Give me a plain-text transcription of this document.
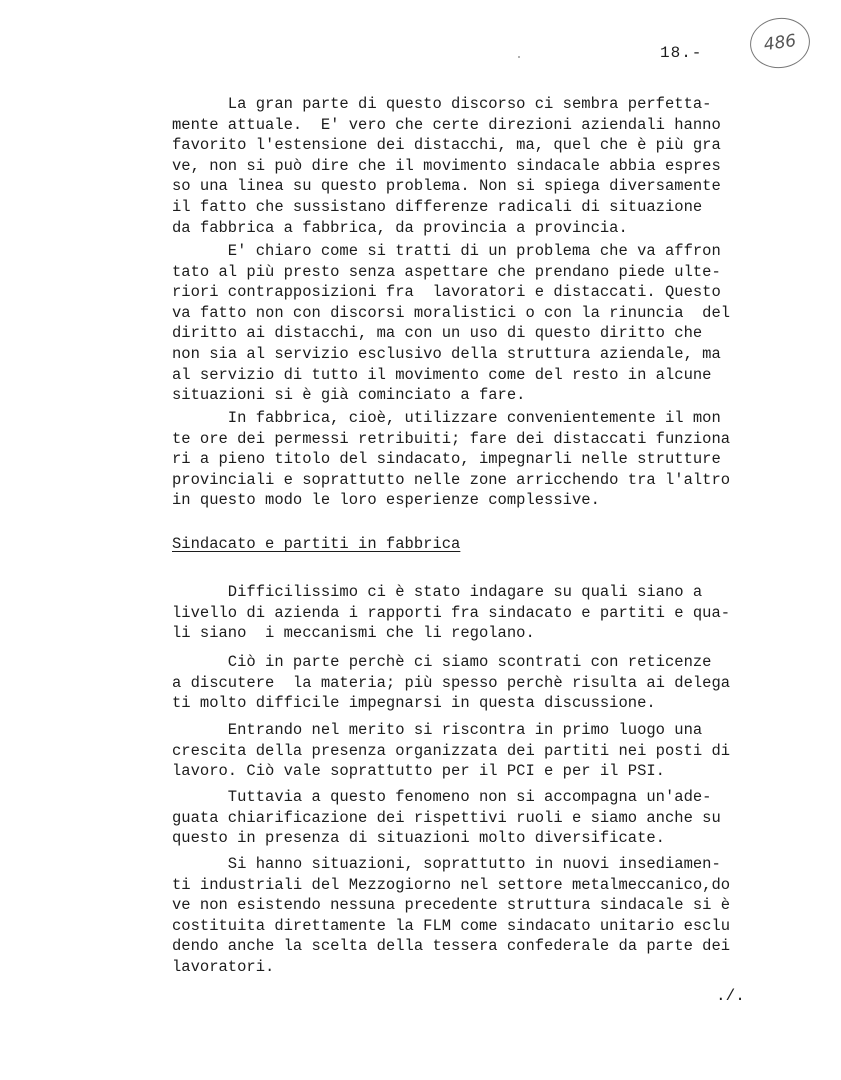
18.-	486

La gran parte di questo discorso ci sembra perfetta-
mente attuale.  E' vero che certe direzioni aziendali hanno
favorito l'estensione dei distacchi, ma, quel che è più gra
ve, non si può dire che il movimento sindacale abbia espres
so una linea su questo problema. Non si spiega diversamente
il fatto che sussistano differenze radicali di situazione
da fabbrica a fabbrica, da provincia a provincia.

E' chiaro come si tratti di un problema che va affron
tato al più presto senza aspettare che prendano piede ulte-
riori contrapposizioni fra  lavoratori e distaccati. Questo
va fatto non con discorsi moralistici o con la rinuncia  del
diritto ai distacchi, ma con un uso di questo diritto che
non sia al servizio esclusivo della struttura aziendale, ma
al servizio di tutto il movimento come del resto in alcune
situazioni si è già cominciato a fare.

In fabbrica, cioè, utilizzare convenientemente il mon
te ore dei permessi retribuiti; fare dei distaccati funziona
ri a pieno titolo del sindacato, impegnarli nelle strutture
provinciali e soprattutto nelle zone arricchendo tra l'altro
in questo modo le loro esperienze complessive.

Sindacato e partiti in fabbrica

Difficilissimo ci è stato indagare su quali siano a
livello di azienda i rapporti fra sindacato e partiti e qua-
li siano  i meccanismi che li regolano.

Ciò in parte perchè ci siamo scontrati con reticenze
a discutere  la materia; più spesso perchè risulta ai delega
ti molto difficile impegnarsi in questa discussione.

Entrando nel merito si riscontra in primo luogo una
crescita della presenza organizzata dei partiti nei posti di
lavoro. Ciò vale soprattutto per il PCI e per il PSI.

Tuttavia a questo fenomeno non si accompagna un'ade-
guata chiarificazione dei rispettivi ruoli e siamo anche su
questo in presenza di situazioni molto diversificate.

Si hanno situazioni, soprattutto in nuovi insediamen-
ti industriali del Mezzogiorno nel settore metalmeccanico,do
ve non esistendo nessuna precedente struttura sindacale si è
costituita direttamente la FLM come sindacato unitario esclu
dendo anche la scelta della tessera confederale da parte dei
lavoratori.

./.
